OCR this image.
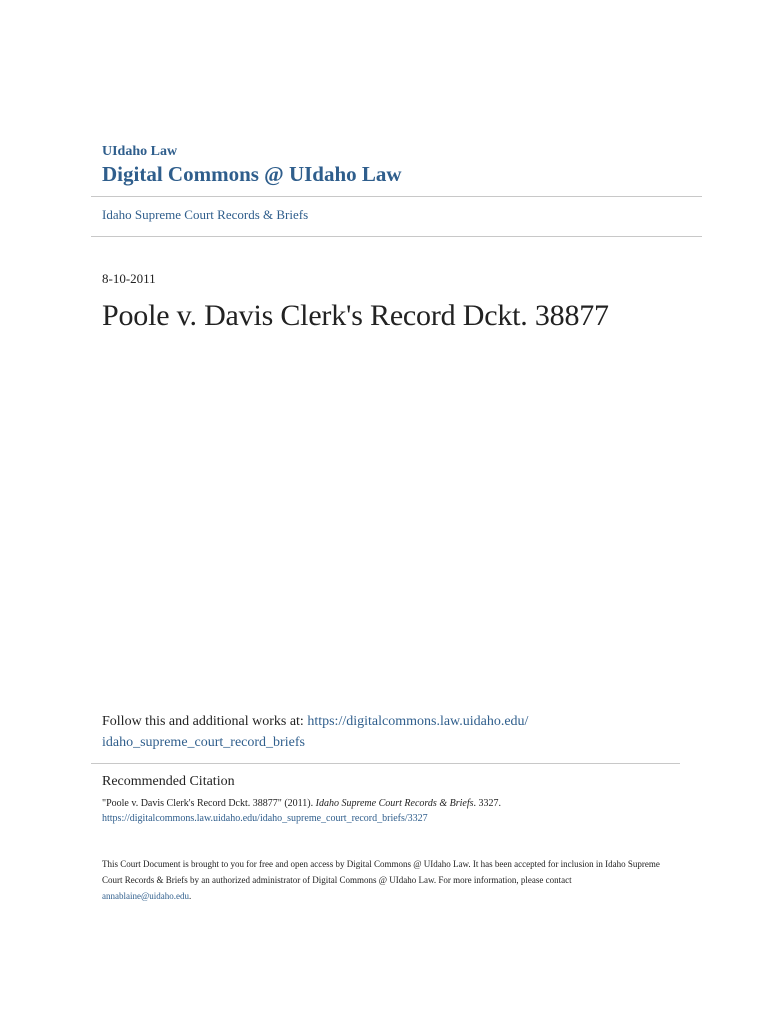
UIdaho Law
Digital Commons @ UIdaho Law
Idaho Supreme Court Records & Briefs
8-10-2011
Poole v. Davis Clerk's Record Dckt. 38877
Follow this and additional works at: https://digitalcommons.law.uidaho.edu/
idaho_supreme_court_record_briefs
Recommended Citation
"Poole v. Davis Clerk's Record Dckt. 38877" (2011). Idaho Supreme Court Records & Briefs. 3327.
https://digitalcommons.law.uidaho.edu/idaho_supreme_court_record_briefs/3327
This Court Document is brought to you for free and open access by Digital Commons @ UIdaho Law. It has been accepted for inclusion in Idaho Supreme Court Records & Briefs by an authorized administrator of Digital Commons @ UIdaho Law. For more information, please contact annablaine@uidaho.edu.
